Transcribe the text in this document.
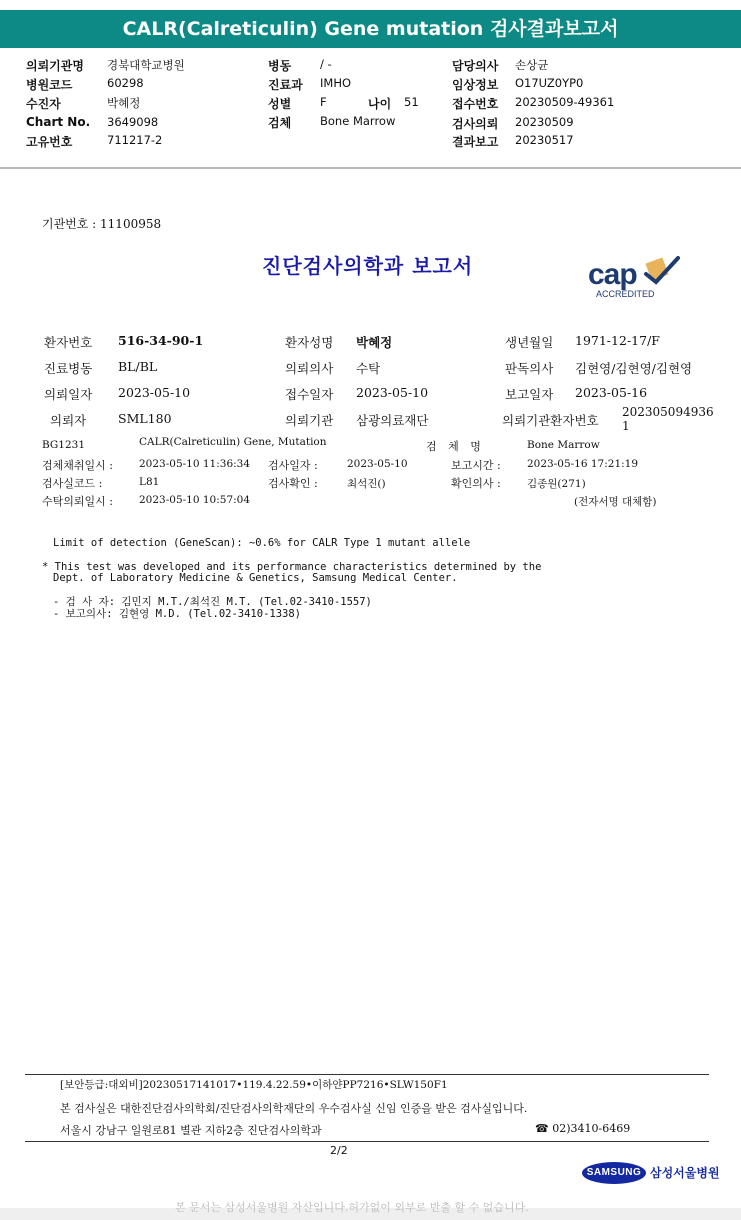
CALR(Calreticulin) Gene mutation 검사결과보고서
의뢰기관명 경북대학교병원
병원코드	60298
수진자	박혜정
Chart No. 3649098
고유번호	711217-2
병동	/ -
진료과 IMHO
성별	F	나이 51
검체	Bone Marrow
담당의사 손상균
임상정보 O17UZ0YP0
접수번호 20230509-49361
검사의뢰 20230509
결과보고 20230517
기관번호 : 11100958
진단검사의학과 보고서	cap
ACCREDITED
환자번호 516-34-90-1	환자성명 박혜정	생년월일 1971-12-17/F
진료병동 BL/BL	의뢰의사 수탁	판독의사 김현영/김현영/김현영
의뢰일자 2023-05-10	접수일자 2023-05-10	보고일자 2023-05-16
의뢰자	SML180	의뢰기관 삼광의료재단	의뢰기관환자번호
202305094936
1
BG1231	CALR(Calreticulin) Gene, Mutation	검 체 명	Bone Marrow
검체채취일시 : 2023-05-10 11:36:34 검사일자 :	2023-05-10	보고시간 :	2023-05-16 17:21:19
검사실코드 :	L81	검사확인 :	최석진()	확인의사 :	김종원(271)
수탁의뢰일시 : 2023-05-10 10:57:04	(전자서명 대체함)
Limit of detection (GeneScan): ~0.6% for CALR Type 1 mutant allele
* This test was developed and its performance characteristics determined by the
Dept. of Laboratory Medicine & Genetics, Samsung Medical Center.
- 검 사 자: 김민지 M.T./최석진 M.T. (Tel.02-3410-1557)
- 보고의사: 김현영 M.D. (Tel.02-3410-1338)
[보안등급:대외비]20230517141017•119.4.22.59•이하얀PP7216•SLW150F1
본 검사실은 대한진단검사의학회/진단검사의학재단의 우수검사실 신임 인증을 받은 검사실입니다.
서울시 강남구 일원로81 별관 지하2층 진단검사의학과	☎ 02)3410-6469
2/2
SAMSUNG 삼성서울병원
본 문서는 삼성서울병원 자산입니다.허가없이 외부로 반출 할 수 없습니다.
